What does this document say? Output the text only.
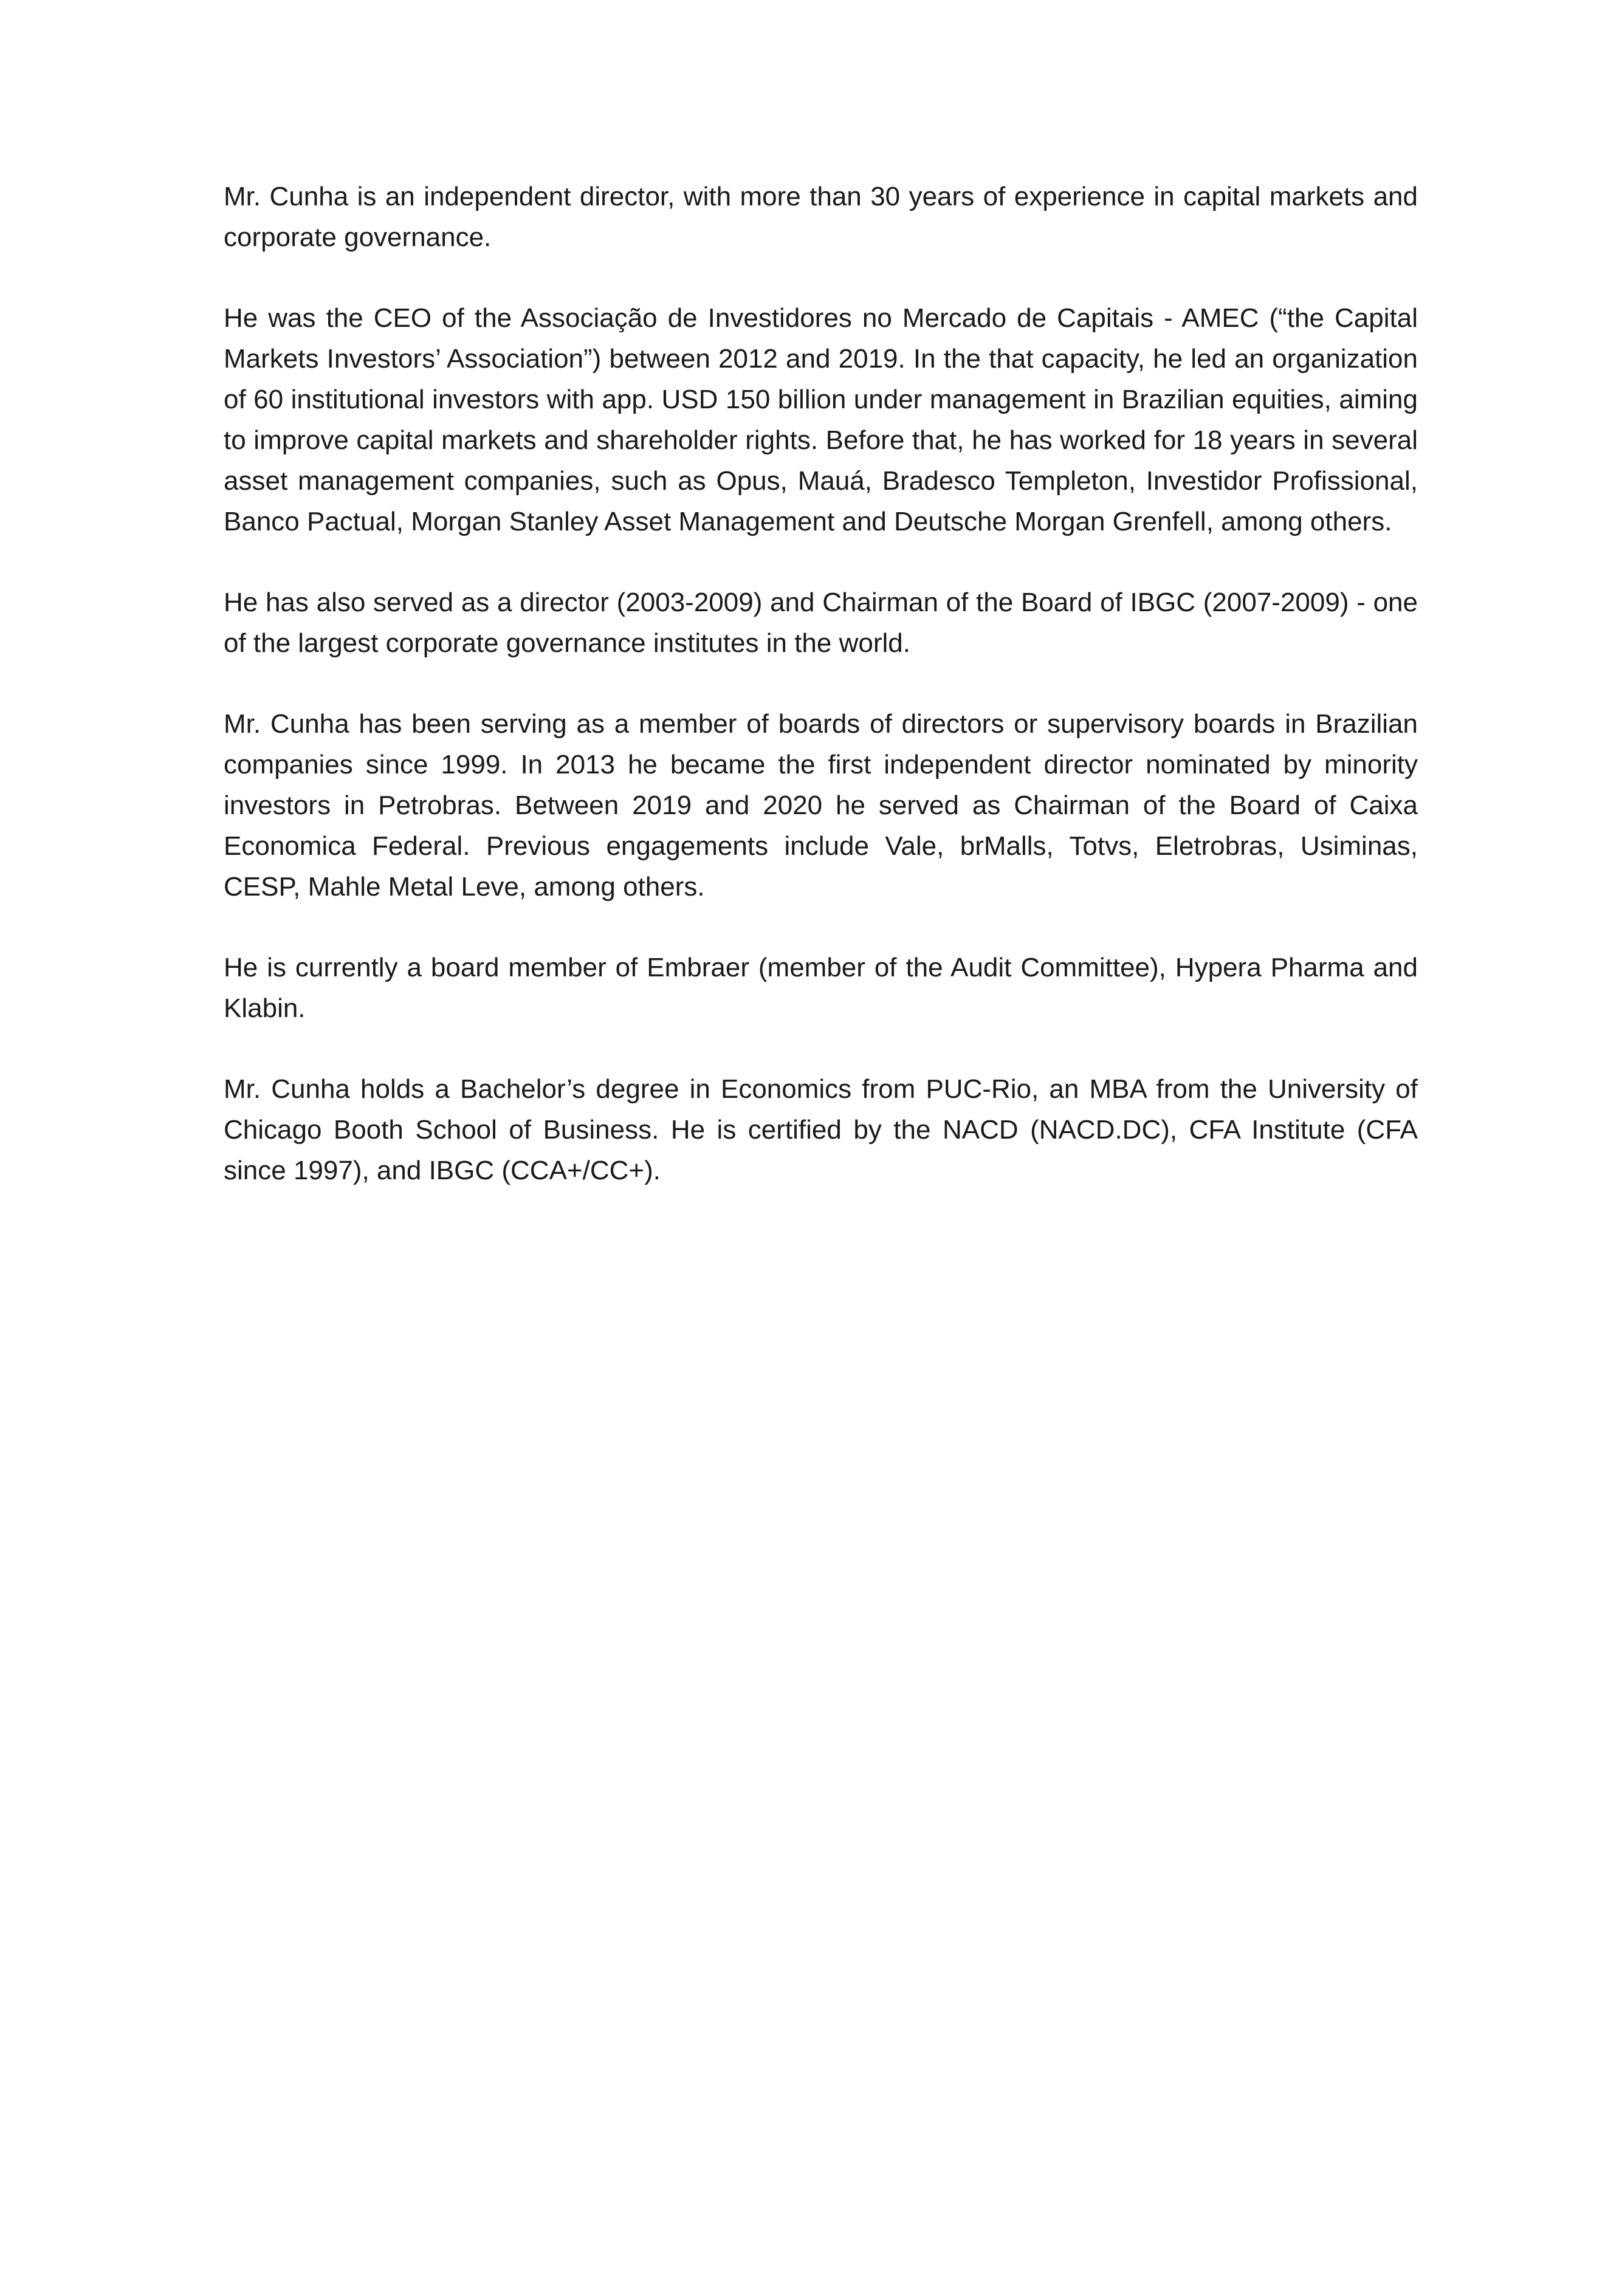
Mr. Cunha is an independent director, with more than 30 years of experience in capital markets and corporate governance.

He was the CEO of the Associação de Investidores no Mercado de Capitais - AMEC (“the Capital Markets Investors’ Association”) between 2012 and 2019. In the that capacity, he led an organization of 60 institutional investors with app. USD 150 billion under management in Brazilian equities, aiming to improve capital markets and shareholder rights. Before that, he has worked for 18 years in several asset management companies, such as Opus, Mauá, Bradesco Templeton, Investidor Profissional, Banco Pactual, Morgan Stanley Asset Management and Deutsche Morgan Grenfell, among others.

He has also served as a director (2003-2009) and Chairman of the Board of IBGC (2007-2009) - one of the largest corporate governance institutes in the world.

Mr. Cunha has been serving as a member of boards of directors or supervisory boards in Brazilian companies since 1999. In 2013 he became the first independent director nominated by minority investors in Petrobras. Between 2019 and 2020 he served as Chairman of the Board of Caixa Economica Federal. Previous engagements include Vale, brMalls, Totvs, Eletrobras, Usiminas, CESP, Mahle Metal Leve, among others.

He is currently a board member of Embraer (member of the Audit Committee), Hypera Pharma and Klabin.

Mr. Cunha holds a Bachelor’s degree in Economics from PUC-Rio, an MBA from the University of Chicago Booth School of Business. He is certified by the NACD (NACD.DC), CFA Institute (CFA since 1997), and IBGC (CCA+/CC+).
